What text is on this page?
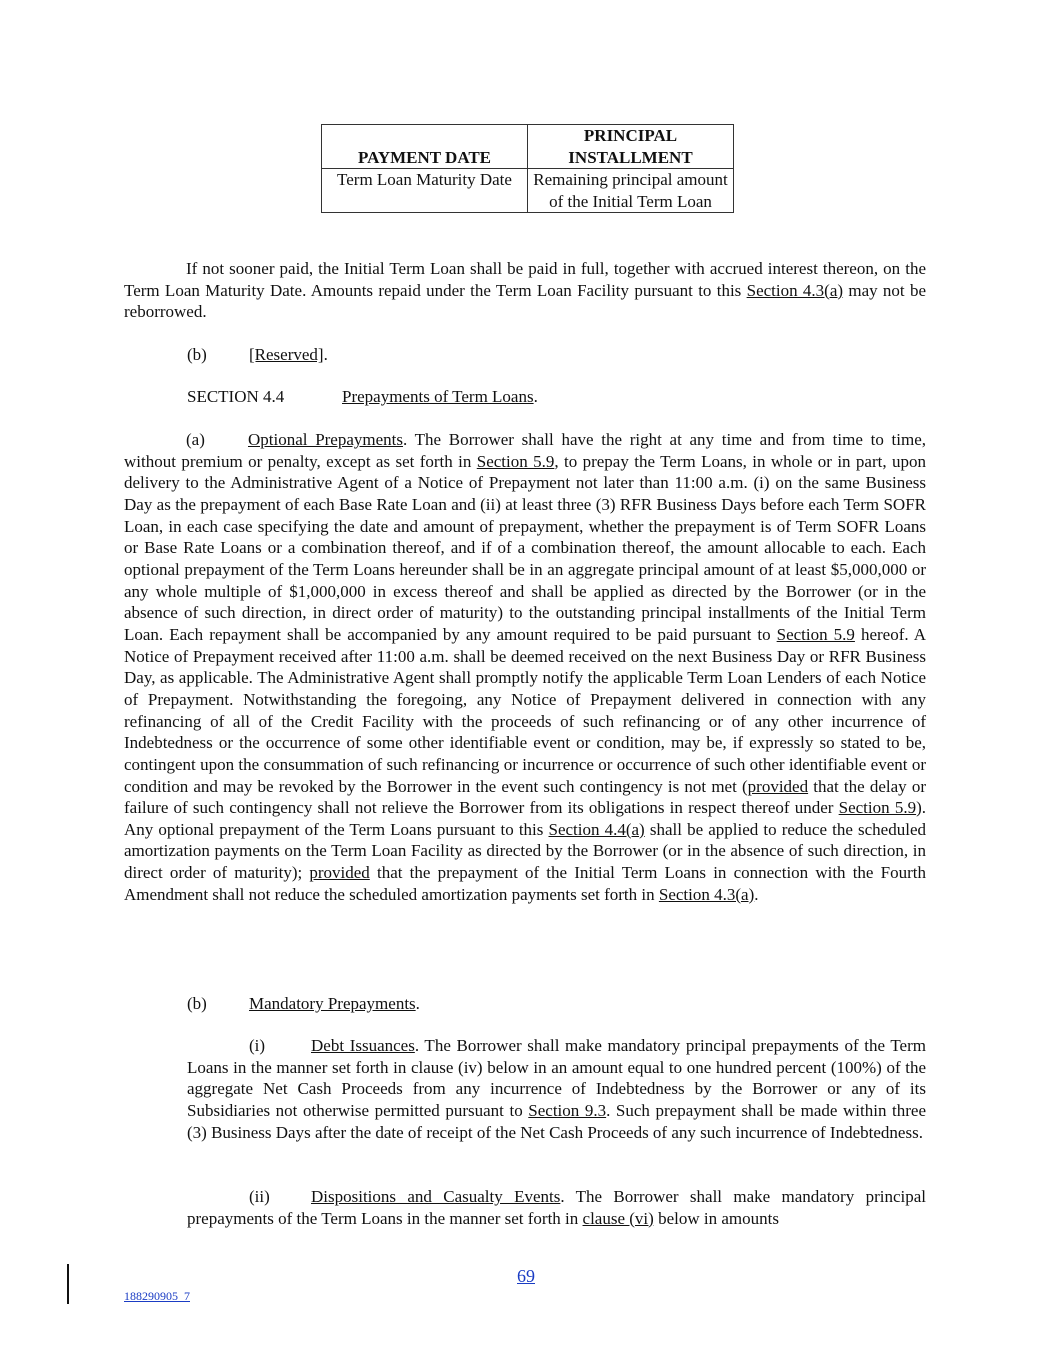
PAYMENT DATE	PRINCIPAL INSTALLMENT
Term Loan Maturity Date	Remaining principal amount of the Initial Term Loan

If not sooner paid, the Initial Term Loan shall be paid in full, together with accrued interest thereon, on the Term Loan Maturity Date. Amounts repaid under the Term Loan Facility pursuant to this Section 4.3(a) may not be reborrowed.

(b) [Reserved].

SECTION 4.4	Prepayments of Term Loans.

(a)	Optional Prepayments. The Borrower shall have the right at any time and from time to time, without premium or penalty, except as set forth in Section 5.9, to prepay the Term Loans, in whole or in part, upon delivery to the Administrative Agent of a Notice of Prepayment not later than 11:00 a.m. (i) on the same Business Day as the prepayment of each Base Rate Loan and (ii) at least three (3) RFR Business Days before each Term SOFR Loan, in each case specifying the date and amount of prepayment, whether the prepayment is of Term SOFR Loans or Base Rate Loans or a combination thereof, and if of a combination thereof, the amount allocable to each. Each optional prepayment of the Term Loans hereunder shall be in an aggregate principal amount of at least $5,000,000 or any whole multiple of $1,000,000 in excess thereof and shall be applied as directed by the Borrower (or in the absence of such direction, in direct order of maturity) to the outstanding principal installments of the Initial Term Loan. Each repayment shall be accompanied by any amount required to be paid pursuant to Section 5.9 hereof. A Notice of Prepayment received after 11:00 a.m. shall be deemed received on the next Business Day or RFR Business Day, as applicable. The Administrative Agent shall promptly notify the applicable Term Loan Lenders of each Notice of Prepayment. Notwithstanding the foregoing, any Notice of Prepayment delivered in connection with any refinancing of all of the Credit Facility with the proceeds of such refinancing or of any other incurrence of Indebtedness or the occurrence of some other identifiable event or condition, may be, if expressly so stated to be, contingent upon the consummation of such refinancing or incurrence or occurrence of such other identifiable event or condition and may be revoked by the Borrower in the event such contingency is not met (provided that the delay or failure of such contingency shall not relieve the Borrower from its obligations in respect thereof under Section 5.9). Any optional prepayment of the Term Loans pursuant to this Section 4.4(a) shall be applied to reduce the scheduled amortization payments on the Term Loan Facility as directed by the Borrower (or in the absence of such direction, in direct order of maturity); provided that the prepayment of the Initial Term Loans in connection with the Fourth Amendment shall not reduce the scheduled amortization payments set forth in Section 4.3(a).

(b) Mandatory Prepayments.

(i)	Debt Issuances. The Borrower shall make mandatory principal prepayments of the Term Loans in the manner set forth in clause (iv) below in an amount equal to one hundred percent (100%) of the aggregate Net Cash Proceeds from any incurrence of Indebtedness by the Borrower or any of its Subsidiaries not otherwise permitted pursuant to Section 9.3. Such prepayment shall be made within three (3) Business Days after the date of receipt of the Net Cash Proceeds of any such incurrence of Indebtedness.

(ii) Dispositions and Casualty Events. The Borrower shall make mandatory principal prepayments of the Term Loans in the manner set forth in clause (vi) below in amounts

69
188290905_7
